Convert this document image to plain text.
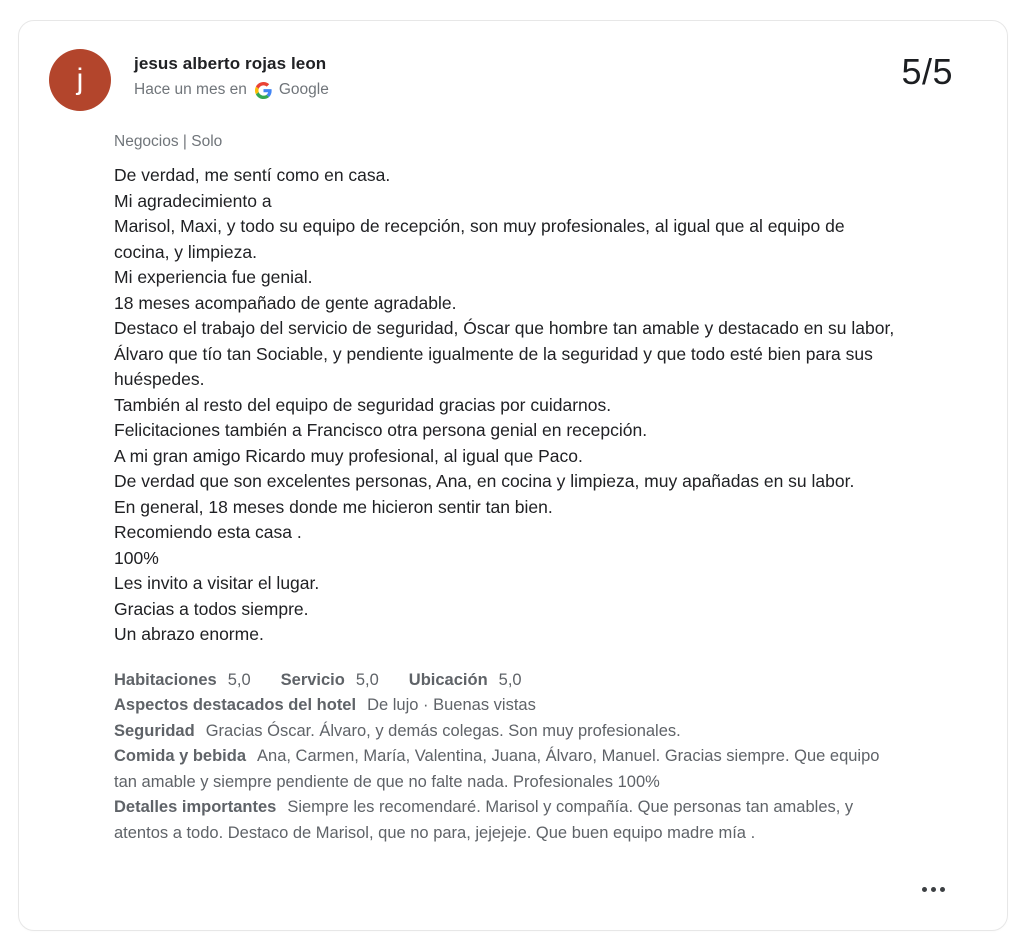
j	jesus alberto rojas leon
Hace un mes en Google	5/5
Negocios | Solo
De verdad, me sentí como en casa.
Mi agradecimiento a
Marisol, Maxi, y todo su equipo de recepción, son muy profesionales, al igual que al equipo de cocina, y limpieza.
Mi experiencia fue genial.
18 meses acompañado de gente agradable.
Destaco el trabajo del servicio de seguridad, Óscar que hombre tan amable y destacado en su labor,
Álvaro que tío tan Sociable, y pendiente igualmente de la seguridad y que todo esté bien para sus huéspedes.
También al resto del equipo de seguridad gracias por cuidarnos.
Felicitaciones también a Francisco otra persona genial en recepción.
A mi gran amigo Ricardo muy profesional, al igual que Paco.
De verdad que son excelentes personas, Ana, en cocina y limpieza, muy apañadas en su labor.
En general, 18 meses donde me hicieron sentir tan bien.
Recomiendo esta casa .
100%
Les invito a visitar el lugar.
Gracias a todos siempre.
Un abrazo enorme.
Habitaciones 5,0 Servicio 5,0 Ubicación 5,0
Aspectos destacados del hotel De lujo · Buenas vistas
Seguridad Gracias Óscar. Álvaro, y demás colegas. Son muy profesionales.
Comida y bebida Ana, Carmen, María, Valentina, Juana, Álvaro, Manuel. Gracias siempre. Que equipo tan amable y siempre pendiente de que no falte nada. Profesionales 100%
Detalles importantes Siempre les recomendaré. Marisol y compañía. Que personas tan amables, y atentos a todo. Destaco de Marisol, que no para, jejejeje. Que buen equipo madre mía .
